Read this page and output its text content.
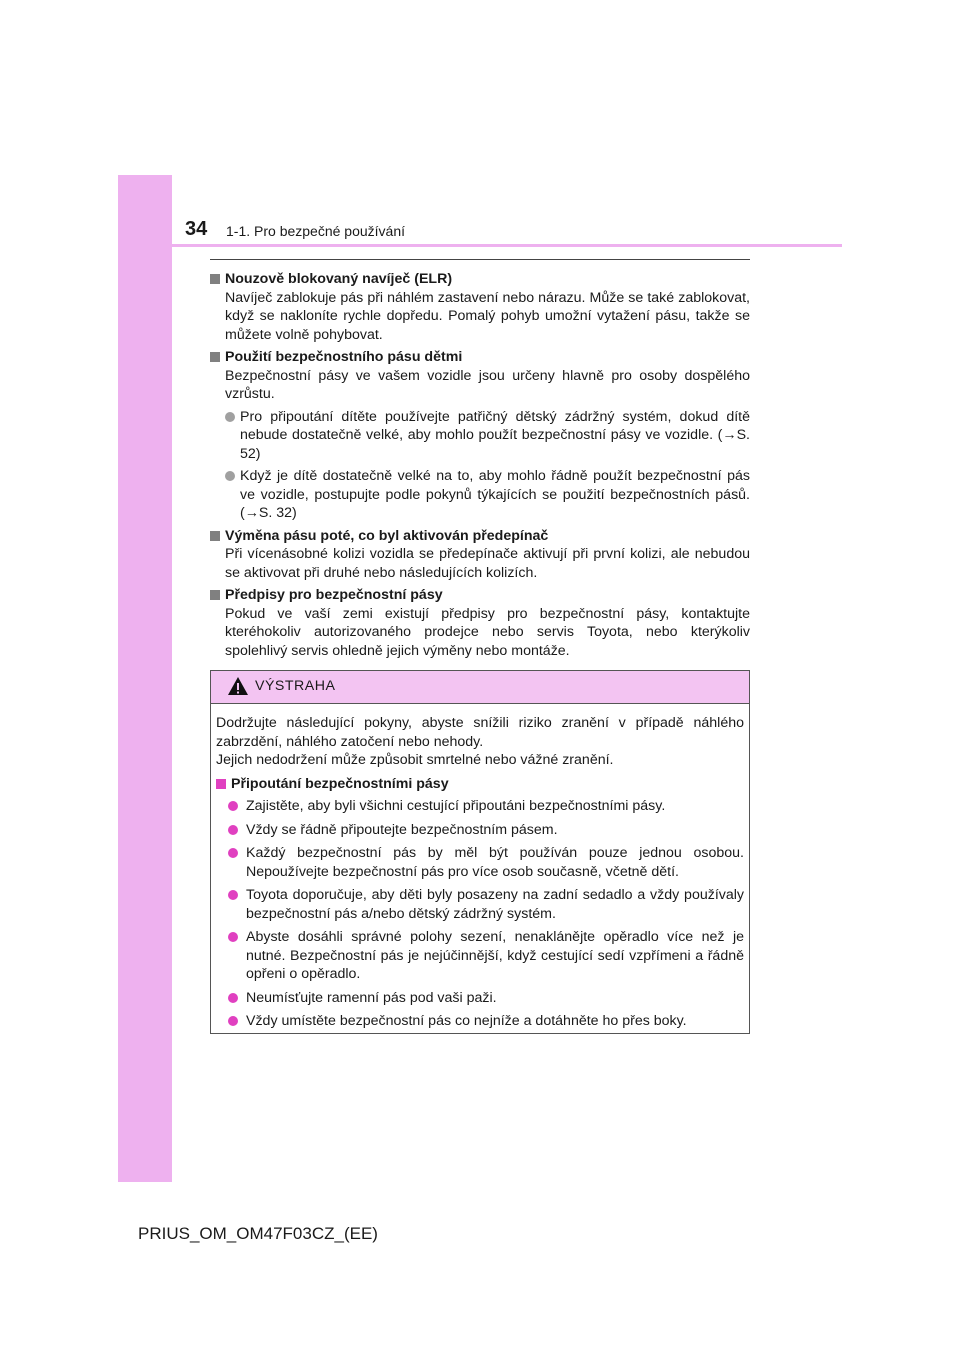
34 1-1. Pro bezpečné používání
Nouzově blokovaný navíječ (ELR)
Navíječ zablokuje pás při náhlém zastavení nebo nárazu. Může se také zablokovat, když se nakloníte rychle dopředu. Pomalý pohyb umožní vytažení pásu, takže se můžete volně pohybovat.
Použití bezpečnostního pásu dětmi
Bezpečnostní pásy ve vašem vozidle jsou určeny hlavně pro osoby dospělého vzrůstu.
Pro připoutání dítěte používejte patřičný dětský zádržný systém, dokud dítě nebude dostatečně velké, aby mohlo použít bezpečnostní pásy ve vozidle. (→S. 52)
Když je dítě dostatečně velké na to, aby mohlo řádně použít bezpečnostní pás ve vozidle, postupujte podle pokynů týkajících se použití bezpečnostních pásů. (→S. 32)
Výměna pásu poté, co byl aktivován předepínač
Při vícenásobné kolizi vozidla se předepínače aktivují při první kolizi, ale nebudou se aktivovat při druhé nebo následujících kolizích.
Předpisy pro bezpečnostní pásy
Pokud ve vaší zemi existují předpisy pro bezpečnostní pásy, kontaktujte kteréhokoliv autorizovaného prodejce nebo servis Toyota, nebo kterýkoliv spolehlivý servis ohledně jejich výměny nebo montáže.
VÝSTRAHA
Dodržujte následující pokyny, abyste snížili riziko zranění v případě náhlého zabrzdění, náhlého zatočení nebo nehody.
Jejich nedodržení může způsobit smrtelné nebo vážné zranění.
Připoutání bezpečnostními pásy
Zajistěte, aby byli všichni cestující připoutáni bezpečnostními pásy.
Vždy se řádně připoutejte bezpečnostním pásem.
Každý bezpečnostní pás by měl být používán pouze jednou osobou. Nepoužívejte bezpečnostní pás pro více osob současně, včetně dětí.
Toyota doporučuje, aby děti byly posazeny na zadní sedadlo a vždy používaly bezpečnostní pás a/nebo dětský zádržný systém.
Abyste dosáhli správné polohy sezení, nenaklánějte opěradlo více než je nutné. Bezpečnostní pás je nejúčinnější, když cestující sedí vzpřímeni a řádně opřeni o opěradlo.
Neumísťujte ramenní pás pod vaši paži.
Vždy umístěte bezpečnostní pás co nejníže a dotáhněte ho přes boky.
PRIUS_OM_OM47F03CZ_(EE)
